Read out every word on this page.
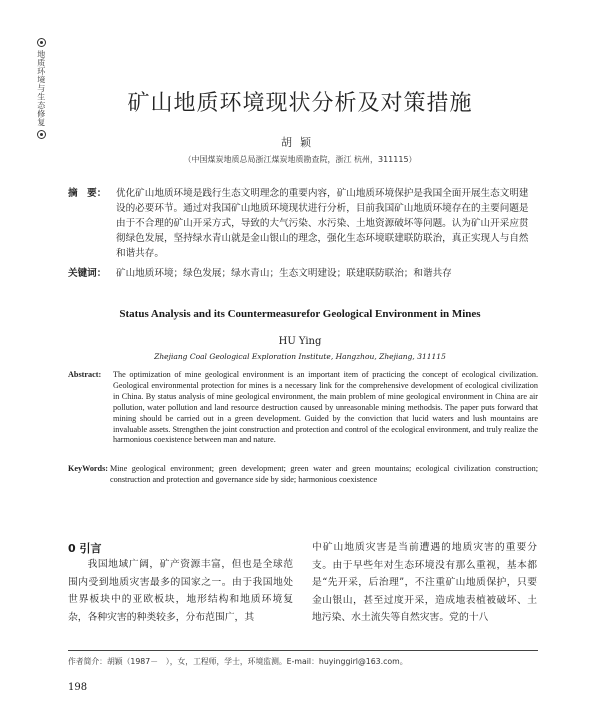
地质环境与生态修复	矿山地质环境现状分析及对策措施
胡颖
（中国煤炭地质总局浙江煤炭地质勘查院，浙江 杭州，311115）
摘　要： 优化矿山地质环境是践行生态文明理念的重要内容，矿山地质环境保护是我国全面开展生态文明建设的必要环节。通过对我国矿山地质环境现状进行分析，目前我国矿山地质环境存在的主要问题是由于不合理的矿山开采方式，导致的大气污染、水污染、土地资源破坏等问题。认为矿山开采应贯彻绿色发展，坚持绿水青山就是金山银山的理念，强化生态环境联建联防联治，真正实现人与自然和谐共存。
关键词： 矿山地质环境；绿色发展；绿水青山；生态文明建设；联建联防联治；和谐共存
Status Analysis and its Countermeasurefor Geological Environment in Mines
HU Ying
Zhejiang Coal Geological Exploration Institute, Hangzhou, Zhejiang, 311115
Abstract: The optimization of mine geological environment is an important item of practicing the concept of ecological civilization. Geological environmental protection for mines is a necessary link for the comprehensive development of ecological civilization in China. By status analysis of mine geological environment, the main problem of mine geological environment in China are air pollution, water pollution and land resource destruction caused by unreasonable mining methodsis. The paper puts forward that mining should be carried out in a green development. Guided by the conviction that lucid waters and lush mountains are invaluable assets. Strengthen the joint construction and protection and control of the ecological environment, and truly realize the harmonious coexistence between man and nature.
KeyWords: Mine geological environment; green development; green water and green mountains; ecological civilization construction; construction and protection and governance side by side; harmonious coexistence
0 引言
我国地域广阔，矿产资源丰富，但也是全球范围内受到地质灾害最多的国家之一。由于我国地处世界板块中的亚欧板块，地形结构和地质环境复杂，各种灾害的种类较多，分布范围广，其
中矿山地质灾害是当前遭遇的地质灾害的重要分支。由于早些年对生态环境没有那么重视，基本都是“先开采，后治理”，不注重矿山地质保护，只要金山银山，甚至过度开采，造成地表植被破坏、土地污染、水土流失等自然灾害。党的十八
作者简介：胡颖（1987－　），女，工程师，学士，环境监测。E-mail：huyinggirl@163.com。
198
